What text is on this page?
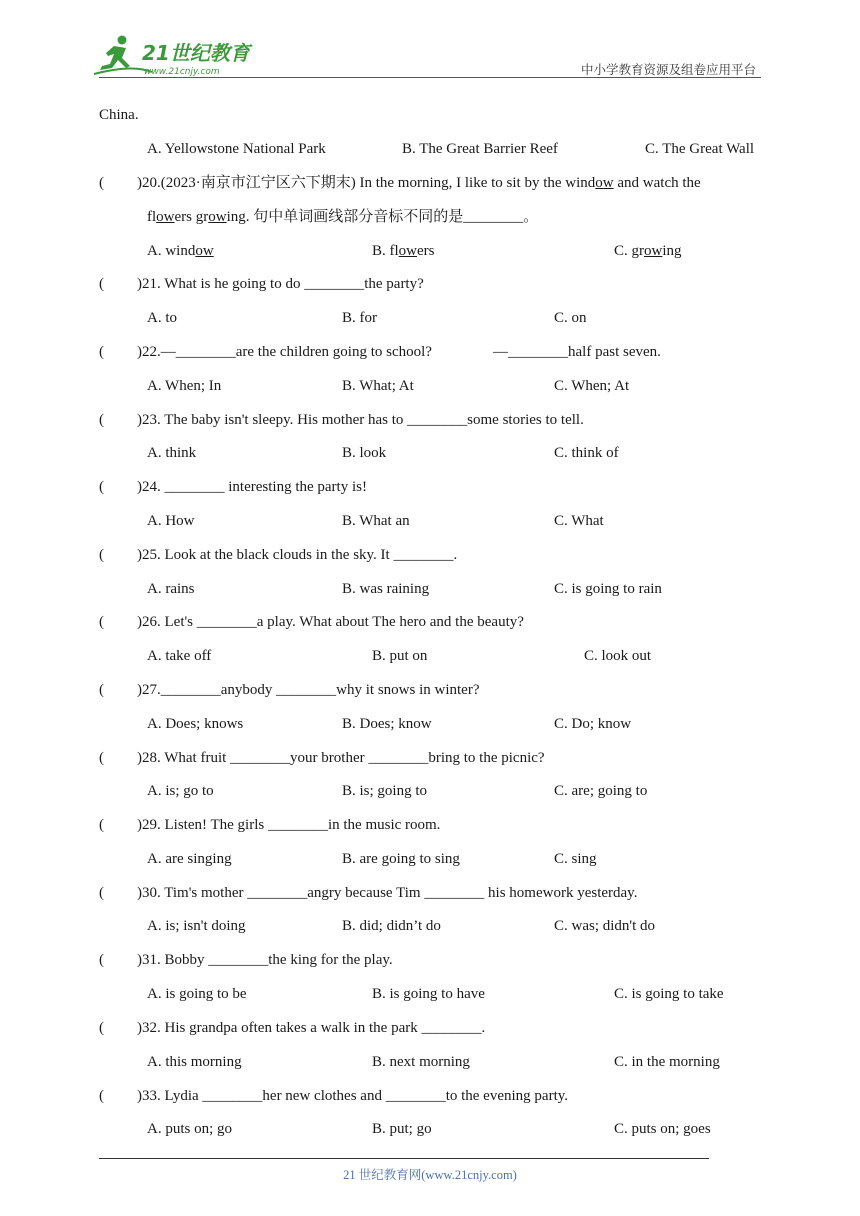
21世纪教育
www.21cnjy.com	中小学教育资源及组卷应用平台
China.
A. Yellowstone National Park	B. The Great Barrier Reef	C. The Great Wall
( )20.(2023·南京市江宁区六下期末) In the morning, I like to sit by the window and watch the
flowers growing. 句中单词画线部分音标不同的是________。
A. window	B. flowers	C. growing
( )21. What is he going to do ________the party?
A. to	B. for	C. on
( )22.—________are the children going to school?	—________half past seven.
A. When; In	B. What; At	C. When; At
( )23. The baby isn't sleepy. His mother has to ________some stories to tell.
A. think	B. look	C. think of
( )24. ________ interesting the party is!
A. How	B. What an	C. What
( )25. Look at the black clouds in the sky. It ________.
A. rains	B. was raining	C. is going to rain
( )26. Let's ________a play. What about The hero and the beauty?
A. take off	B. put on	C. look out
( )27.________anybody ________why it snows in winter?
A. Does; knows	B. Does; know	C. Do; know
( )28. What fruit ________your brother ________bring to the picnic?
A. is; go to	B. is; going to	C. are; going to
( )29. Listen! The girls ________in the music room.
A. are singing	B. are going to sing	C. sing
( )30. Tim's mother ________angry because Tim ________ his homework yesterday.
A. is; isn't doing	B. did; didn’t do	C. was; didn't do
( )31. Bobby ________the king for the play.
A. is going to be	B. is going to have	C. is going to take
( )32. His grandpa often takes a walk in the park ________.
A. this morning	B. next morning	C. in the morning
( )33. Lydia ________her new clothes and ________to the evening party.
A. puts on; go	B. put; go	C. puts on; goes
21 世纪教育网(www.21cnjy.com)
